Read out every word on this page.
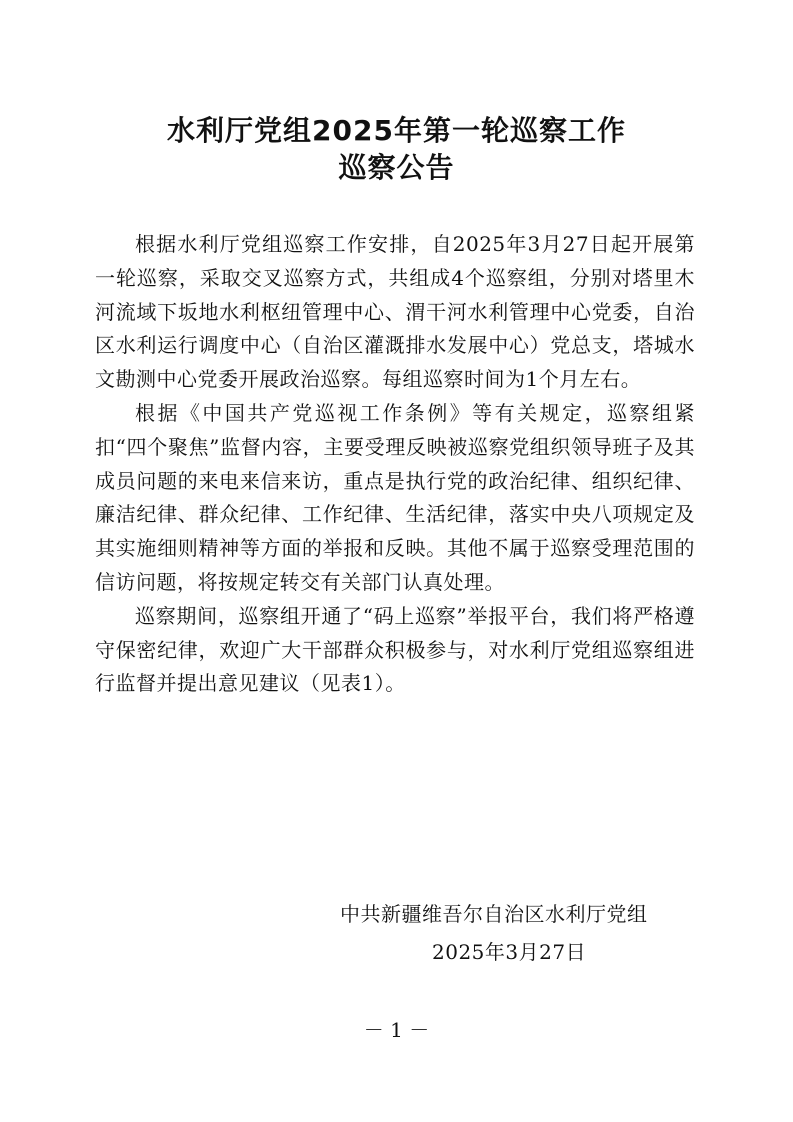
水利厅党组2025年第一轮巡察工作
巡察公告

根据水利厅党组巡察工作安排，自2025年3月27日起开展第一轮巡察，采取交叉巡察方式，共组成4个巡察组，分别对塔里木河流域下坂地水利枢纽管理中心、渭干河水利管理中心党委，自治区水利运行调度中心（自治区灌溉排水发展中心）党总支，塔城水文勘测中心党委开展政治巡察。每组巡察时间为1个月左右。

根据《中国共产党巡视工作条例》等有关规定，巡察组紧扣“四个聚焦”监督内容，主要受理反映被巡察党组织领导班子及其成员问题的来电来信来访，重点是执行党的政治纪律、组织纪律、廉洁纪律、群众纪律、工作纪律、生活纪律，落实中央八项规定及其实施细则精神等方面的举报和反映。其他不属于巡察受理范围的信访问题，将按规定转交有关部门认真处理。

巡察期间，巡察组开通了“码上巡察”举报平台，我们将严格遵守保密纪律，欢迎广大干部群众积极参与，对水利厅党组巡察组进行监督并提出意见建议（见表1）。

中共新疆维吾尔自治区水利厅党组
2025年3月27日
－ 1 －
